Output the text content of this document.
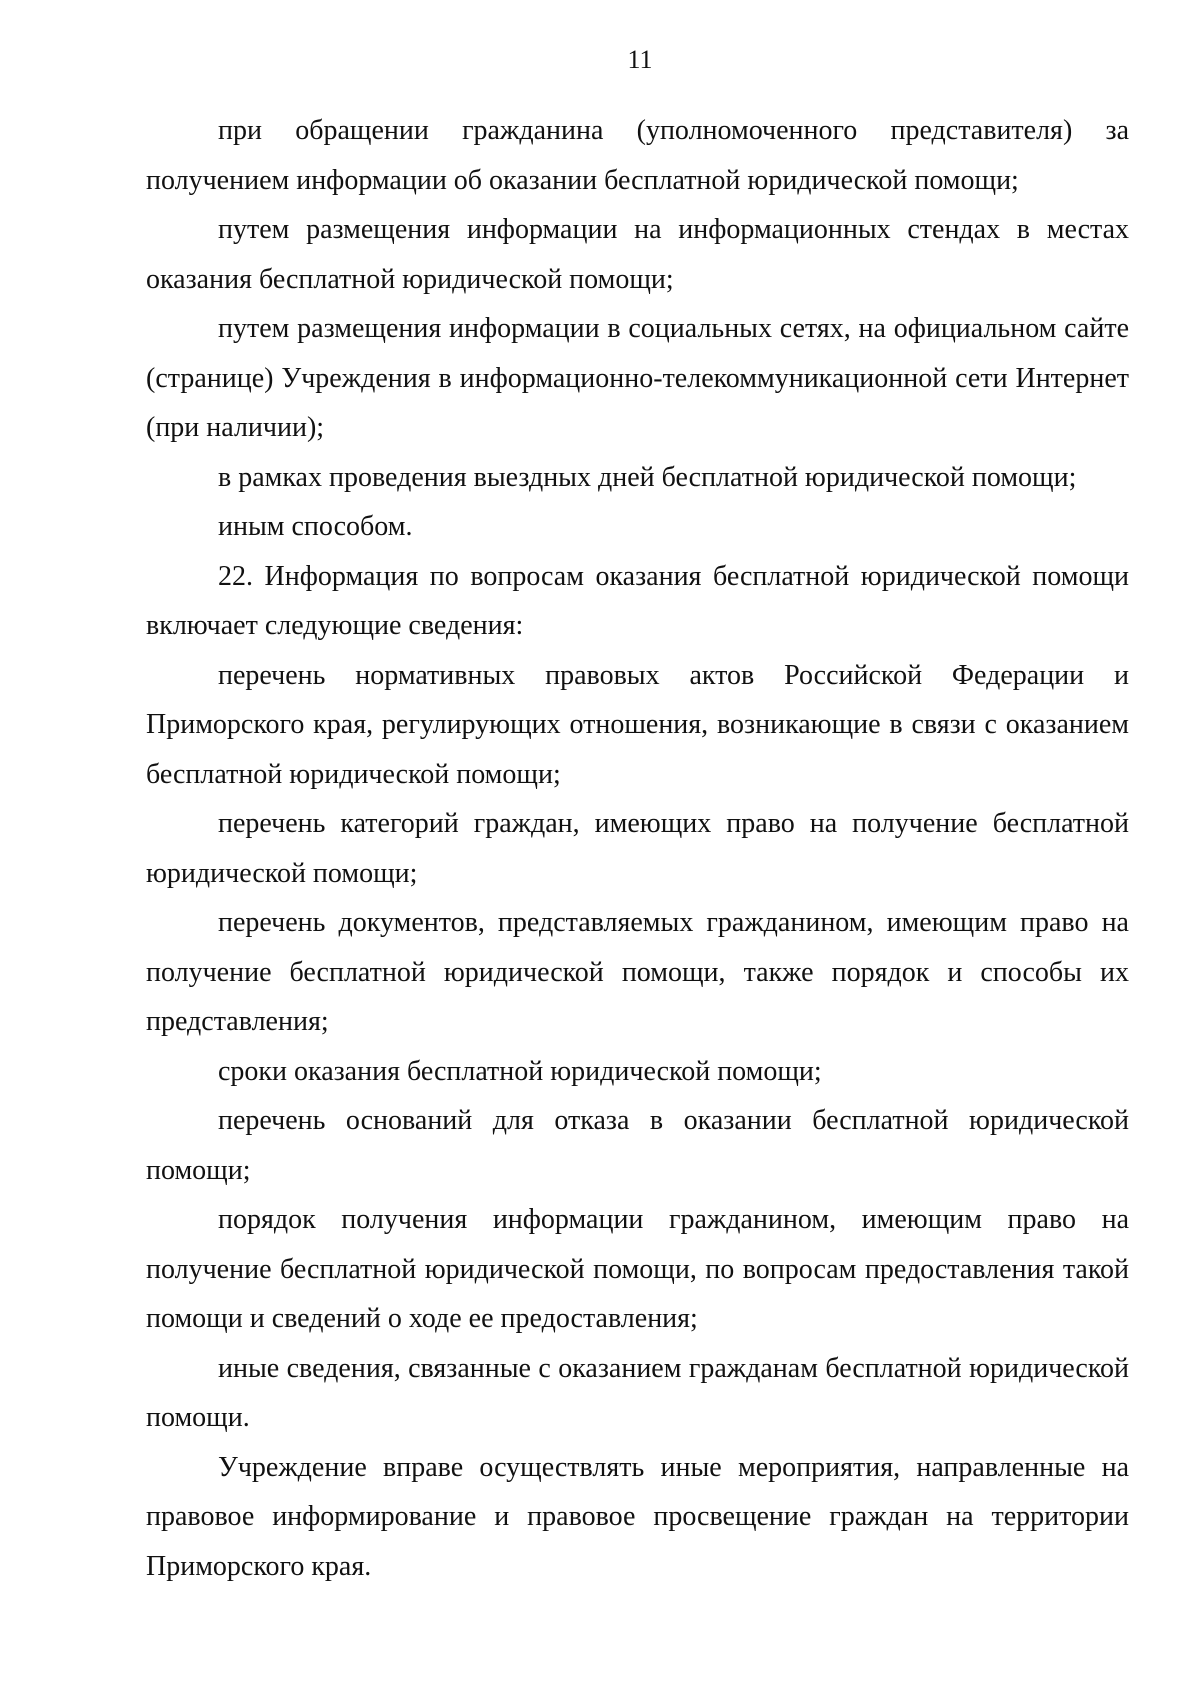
11

при обращении гражданина (уполномоченного представителя) за получением информации об оказании бесплатной юридической помощи;

путем размещения информации на информационных стендах в местах оказания бесплатной юридической помощи;

путем размещения информации в социальных сетях, на официальном сайте (странице) Учреждения в информационно-телекоммуникационной сети Интернет (при наличии);

в рамках проведения выездных дней бесплатной юридической помощи;

иным способом.

22. Информация по вопросам оказания бесплатной юридической помощи включает следующие сведения:

перечень нормативных правовых актов Российской Федерации и Приморского края, регулирующих отношения, возникающие в связи с оказанием бесплатной юридической помощи;

перечень категорий граждан, имеющих право на получение бесплатной юридической помощи;

перечень документов, представляемых гражданином, имеющим право на получение бесплатной юридической помощи, также порядок и способы их представления;

сроки оказания бесплатной юридической помощи;

перечень оснований для отказа в оказании бесплатной юридической помощи;

порядок получения информации гражданином, имеющим право на получение бесплатной юридической помощи, по вопросам предоставления такой помощи и сведений о ходе ее предоставления;

иные сведения, связанные с оказанием гражданам бесплатной юридической помощи.

Учреждение вправе осуществлять иные мероприятия, направленные на правовое информирование и правовое просвещение граждан на территории Приморского края.
